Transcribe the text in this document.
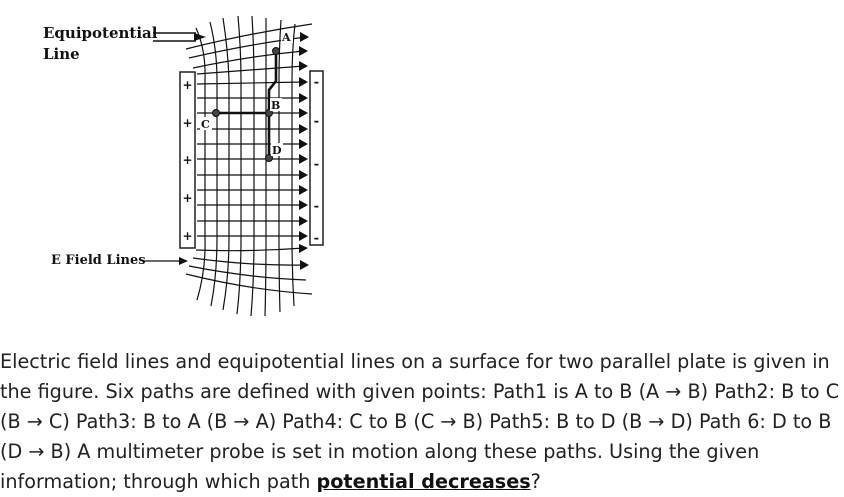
+
+
+
+
+
-
-
-
-
-
A
B
C
D
Equipotential
Line
E Field Lines

Electric field lines and equipotential lines on a surface for two parallel plate is given in the figure. Six paths are defined with given points: Path1 is A to B (A → B) Path2: B to C (B → C) Path3: B to A (B → A) Path4: C to B (C → B) Path5: B to D (B → D) Path 6: D to B (D → B) A multimeter probe is set in motion along these paths. Using the given information; through which path potential decreases?
